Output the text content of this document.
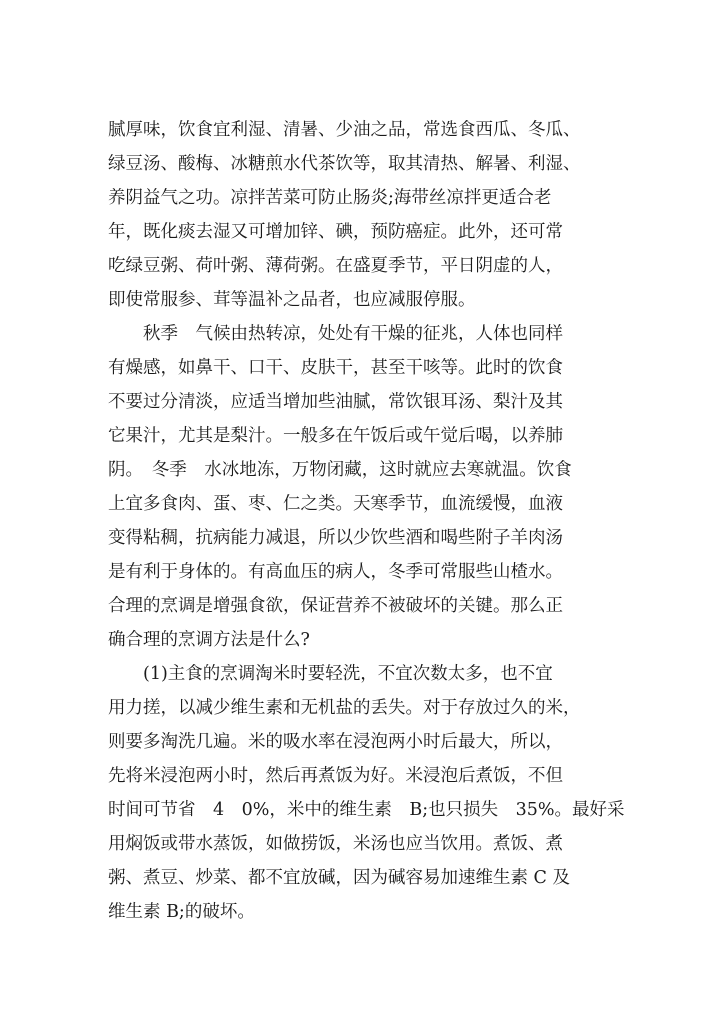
腻厚味，饮食宜利湿、清暑、少油之品，常选食西瓜、冬瓜、
绿豆汤、酸梅、冰糖煎水代茶饮等，取其清热、解暑、利湿、
养阴益气之功。凉拌苦菜可防止肠炎;海带丝凉拌更适合老
年，既化痰去湿又可增加锌、碘，预防癌症。此外，还可常
吃绿豆粥、荷叶粥、薄荷粥。在盛夏季节，平日阴虚的人，
即使常服参、茸等温补之品者，也应减服停服。
　　秋季　气候由热转凉，处处有干燥的征兆，人体也同样
有燥感，如鼻干、口干、皮肤干，甚至干咳等。此时的饮食
不要过分清淡，应适当增加些油腻，常饮银耳汤、梨汁及其
它果汁，尤其是梨汁。一般多在午饭后或午觉后喝，以养肺
阴。　冬季　水冰地冻，万物闭藏，这时就应去寒就温。饮食
上宜多食肉、蛋、枣、仁之类。天寒季节，血流缓慢，血液
变得粘稠，抗病能力减退，所以少饮些酒和喝些附子羊肉汤
是有利于身体的。有高血压的病人，冬季可常服些山楂水。
合理的烹调是增强食欲，保证营养不被破坏的关键。那么正
确合理的烹调方法是什么?
　　(1)主食的烹调淘米时要轻洗，不宜次数太多，也不宜
用力搓，以减少维生素和无机盐的丢失。对于存放过久的米，
则要多淘洗几遍。米的吸水率在浸泡两小时后最大，所以，
先将米浸泡两小时，然后再煮饭为好。米浸泡后煮饭，不但
时间可节省　4　0%，米中的维生素　B;也只损失　35%。最好采
用焖饭或带水蒸饭，如做捞饭，米汤也应当饮用。煮饭、煮
粥、煮豆、炒菜、都不宜放碱，因为碱容易加速维生素 C 及
维生素 B;的破坏。
